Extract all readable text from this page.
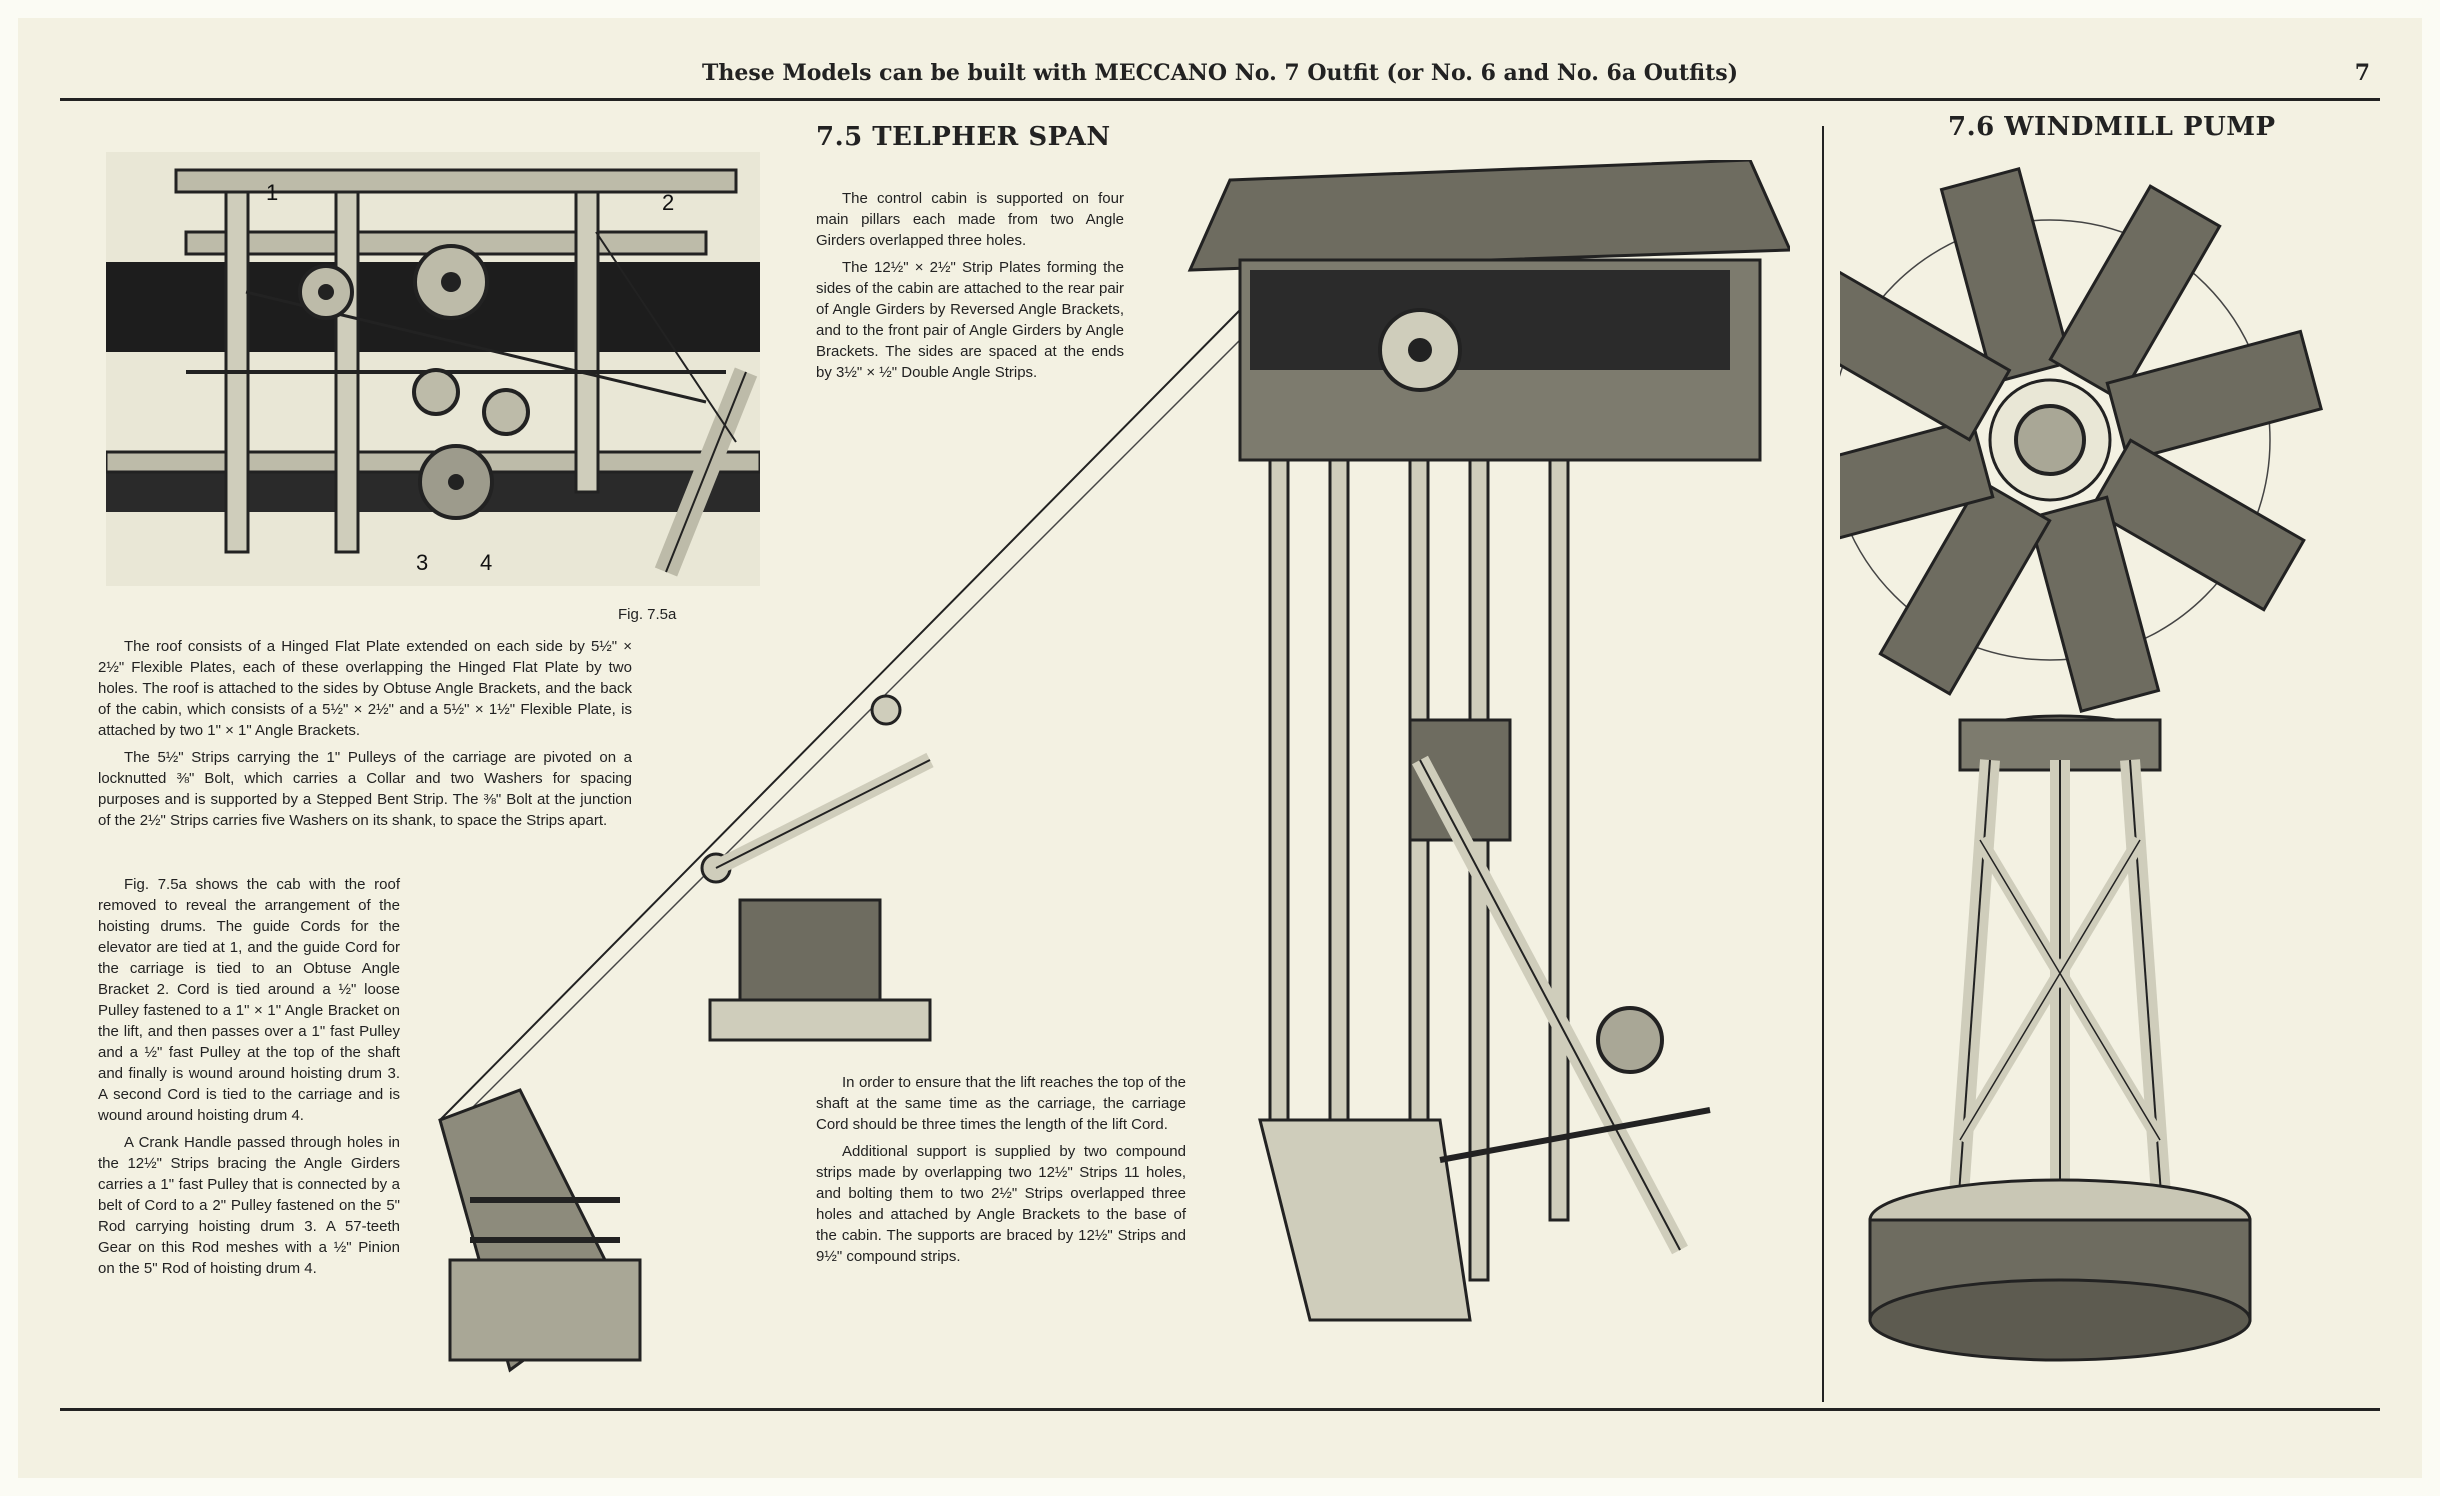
These Models can be built with MECCANO No. 7 Outfit (or No. 6 and No. 6a Outfits)	7
7.5 TELPHER SPAN	7.6 WINDMILL PUMP
1	2
3 4
Fig. 7.5a

The control cabin is supported on four main pillars each made from two Angle Girders overlapped three holes.

The 12½" × 2½" Strip Plates forming the sides of the cabin are attached to the rear pair of Angle Girders by Reversed Angle Brackets, and to the front pair of Angle Girders by Angle Brackets. The sides are spaced at the ends by 3½" × ½" Double Angle Strips.

The roof consists of a Hinged Flat Plate extended on each side by 5½" × 2½" Flexible Plates, each of these overlapping the Hinged Flat Plate by two holes. The roof is attached to the sides by Obtuse Angle Brackets, and the back of the cabin, which consists of a 5½" × 2½" and a 5½" × 1½" Flexible Plate, is attached by two 1" × 1" Angle Brackets.

The 5½" Strips carrying the 1" Pulleys of the carriage are pivoted on a locknutted ⅜" Bolt, which carries a Collar and two Washers for spacing purposes and is supported by a Stepped Bent Strip. The ⅜" Bolt at the junction of the 2½" Strips carries five Washers on its shank, to space the Strips apart.

Fig. 7.5a shows the cab with the roof removed to reveal the arrangement of the hoisting drums. The guide Cords for the elevator are tied at 1, and the guide Cord for the carriage is tied to an Obtuse Angle Bracket 2. Cord is tied around a ½" loose Pulley fastened to a 1" × 1" Angle Bracket on the lift, and then passes over a 1" fast Pulley and a ½" fast Pulley at the top of the shaft and finally is wound around hoisting drum 3. A second Cord is tied to the carriage and is wound around hoisting drum 4.

A Crank Handle passed through holes in the 12½" Strips bracing the Angle Girders carries a 1" fast Pulley that is connected by a belt of Cord to a 2" Pulley fastened on the 5" Rod carrying hoisting drum 3. A 57-teeth Gear on this Rod meshes with a ½" Pinion on the 5" Rod of hoisting drum 4.

In order to ensure that the lift reaches the top of the shaft at the same time as the carriage, the carriage Cord should be three times the length of the lift Cord.

Additional support is supplied by two compound strips made by overlapping two 12½" Strips 11 holes, and bolting them to two 2½" Strips overlapped three holes and attached by Angle Brackets to the base of the cabin. The supports are braced by 12½" Strips and 9½" compound strips.
